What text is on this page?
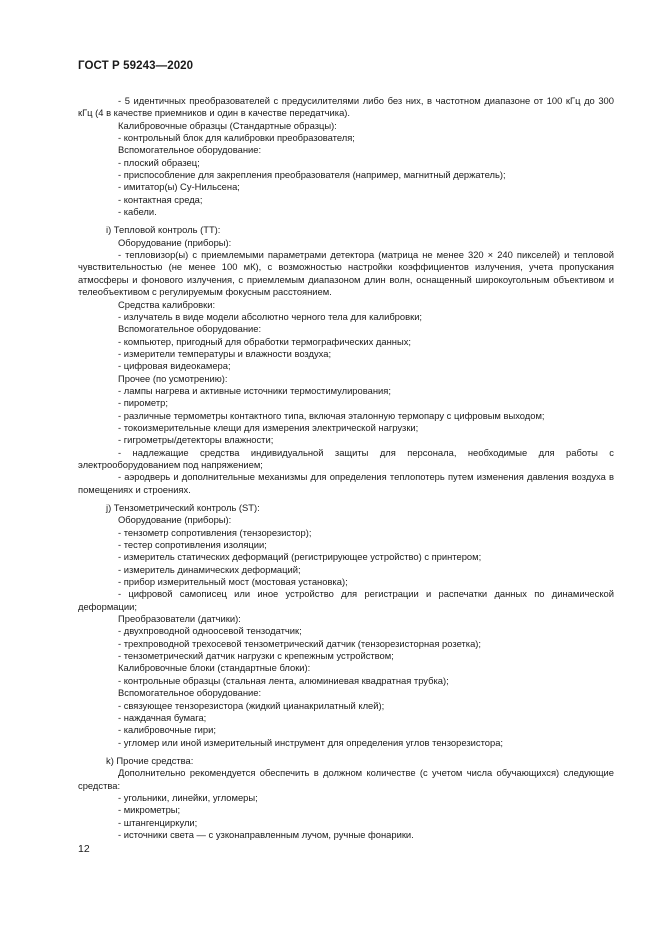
ГОСТ Р 59243—2020

- 5 идентичных преобразователей с предусилителями либо без них, в частотном диапазоне от 100 кГц до 300 кГц (4 в качестве приемников и один в качестве передатчика).

Калибровочные образцы (Стандартные образцы):

- контрольный блок для калибровки преобразователя;

Вспомогательное оборудование:

- плоский образец;

- приспособление для закрепления преобразователя (например, магнитный держатель);

- имитатор(ы) Су-Нильсена;

- контактная среда;

- кабели.

i) Тепловой контроль (ТТ):

Оборудование (приборы):

- тепловизор(ы) с приемлемыми параметрами детектора (матрица не менее 320 × 240 пикселей) и тепловой чувствительностью (не менее 100 мК), с возможностью настройки коэффициентов излучения, учета пропускания атмосферы и фонового излучения, с приемлемым диапазоном длин волн, оснащенный широкоугольным объективом и телеобъективом с регулируемым фокусным расстоянием.

Средства калибровки:

- излучатель в виде модели абсолютно черного тела для калибровки;

Вспомогательное оборудование:

- компьютер, пригодный для обработки термографических данных;

- измерители температуры и влажности воздуха;

- цифровая видеокамера;

Прочее (по усмотрению):

- лампы нагрева и активные источники термостимулирования;

- пирометр;

- различные термометры контактного типа, включая эталонную термопару с цифровым выходом;

- токоизмерительные клещи для измерения электрической нагрузки;

- гигрометры/детекторы влажности;

- надлежащие средства индивидуальной защиты для персонала, необходимые для работы с электрооборудованием под напряжением;

- аэродверь и дополнительные механизмы для определения теплопотерь путем изменения давления воздуха в помещениях и строениях.

j) Тензометрический контроль (ST):

Оборудование (приборы):

- тензометр сопротивления (тензорезистор);

- тестер сопротивления изоляции;

- измеритель статических деформаций (регистрирующее устройство) с принтером;

- измеритель динамических деформаций;

- прибор измерительный мост (мостовая установка);

- цифровой самописец или иное устройство для регистрации и распечатки данных по динамической деформации;

Преобразователи (датчики):

- двухпроводной одноосевой тензодатчик;

- трехпроводной трехосевой тензометрический датчик (тензорезисторная розетка);

- тензометрический датчик нагрузки с крепежным устройством;

Калибровочные блоки (стандартные блоки):

- контрольные образцы (стальная лента, алюминиевая квадратная трубка);

Вспомогательное оборудование:

- связующее тензорезистора (жидкий цианакрилатный клей);

- наждачная бумага;

- калибровочные гири;

- угломер или иной измерительный инструмент для определения углов тензорезистора;

k) Прочие средства:

Дополнительно рекомендуется обеспечить в должном количестве (с учетом числа обучающихся) следующие средства:

- угольники, линейки, угломеры;

- микрометры;

- штангенциркули;

- источники света — с узконаправленным лучом, ручные фонарики.

12
